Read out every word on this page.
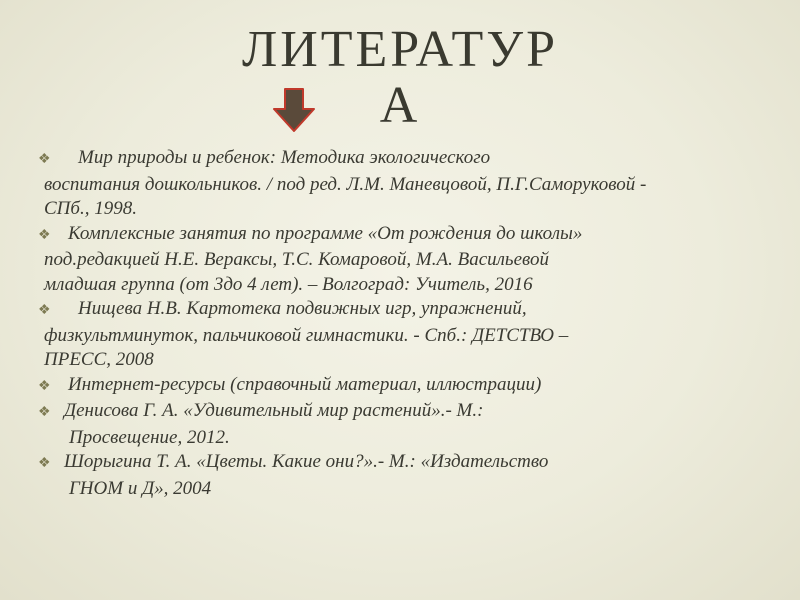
ЛИТЕРАТУР
А
❖ Мир природы и ребенок: Методика экологического
воспитания дошкольников. / под ред. Л.М. Маневцовой, П.Г.Саморуковой -
СПб., 1998.
❖ Комплексные занятия по программе «От рождения до школы»
под.редакцией Н.Е. Вераксы, Т.С. Комаровой, М.А. Васильевой
младшая группа (от 3до 4 лет). – Волгоград: Учитель, 2016
❖ Нищева Н.В. Картотека подвижных игр, упражнений,
физкультминуток, пальчиковой гимнастики. - Спб.: ДЕТСТВО –
ПРЕСС, 2008
❖ Интернет-ресурсы (справочный материал, иллюстрации)
❖ Денисова Г. А. «Удивительный мир растений».- М.:
Просвещение, 2012.
❖ Шорыгина Т. А. «Цветы. Какие они?».- М.: «Издательство
ГНОМ и Д», 2004
